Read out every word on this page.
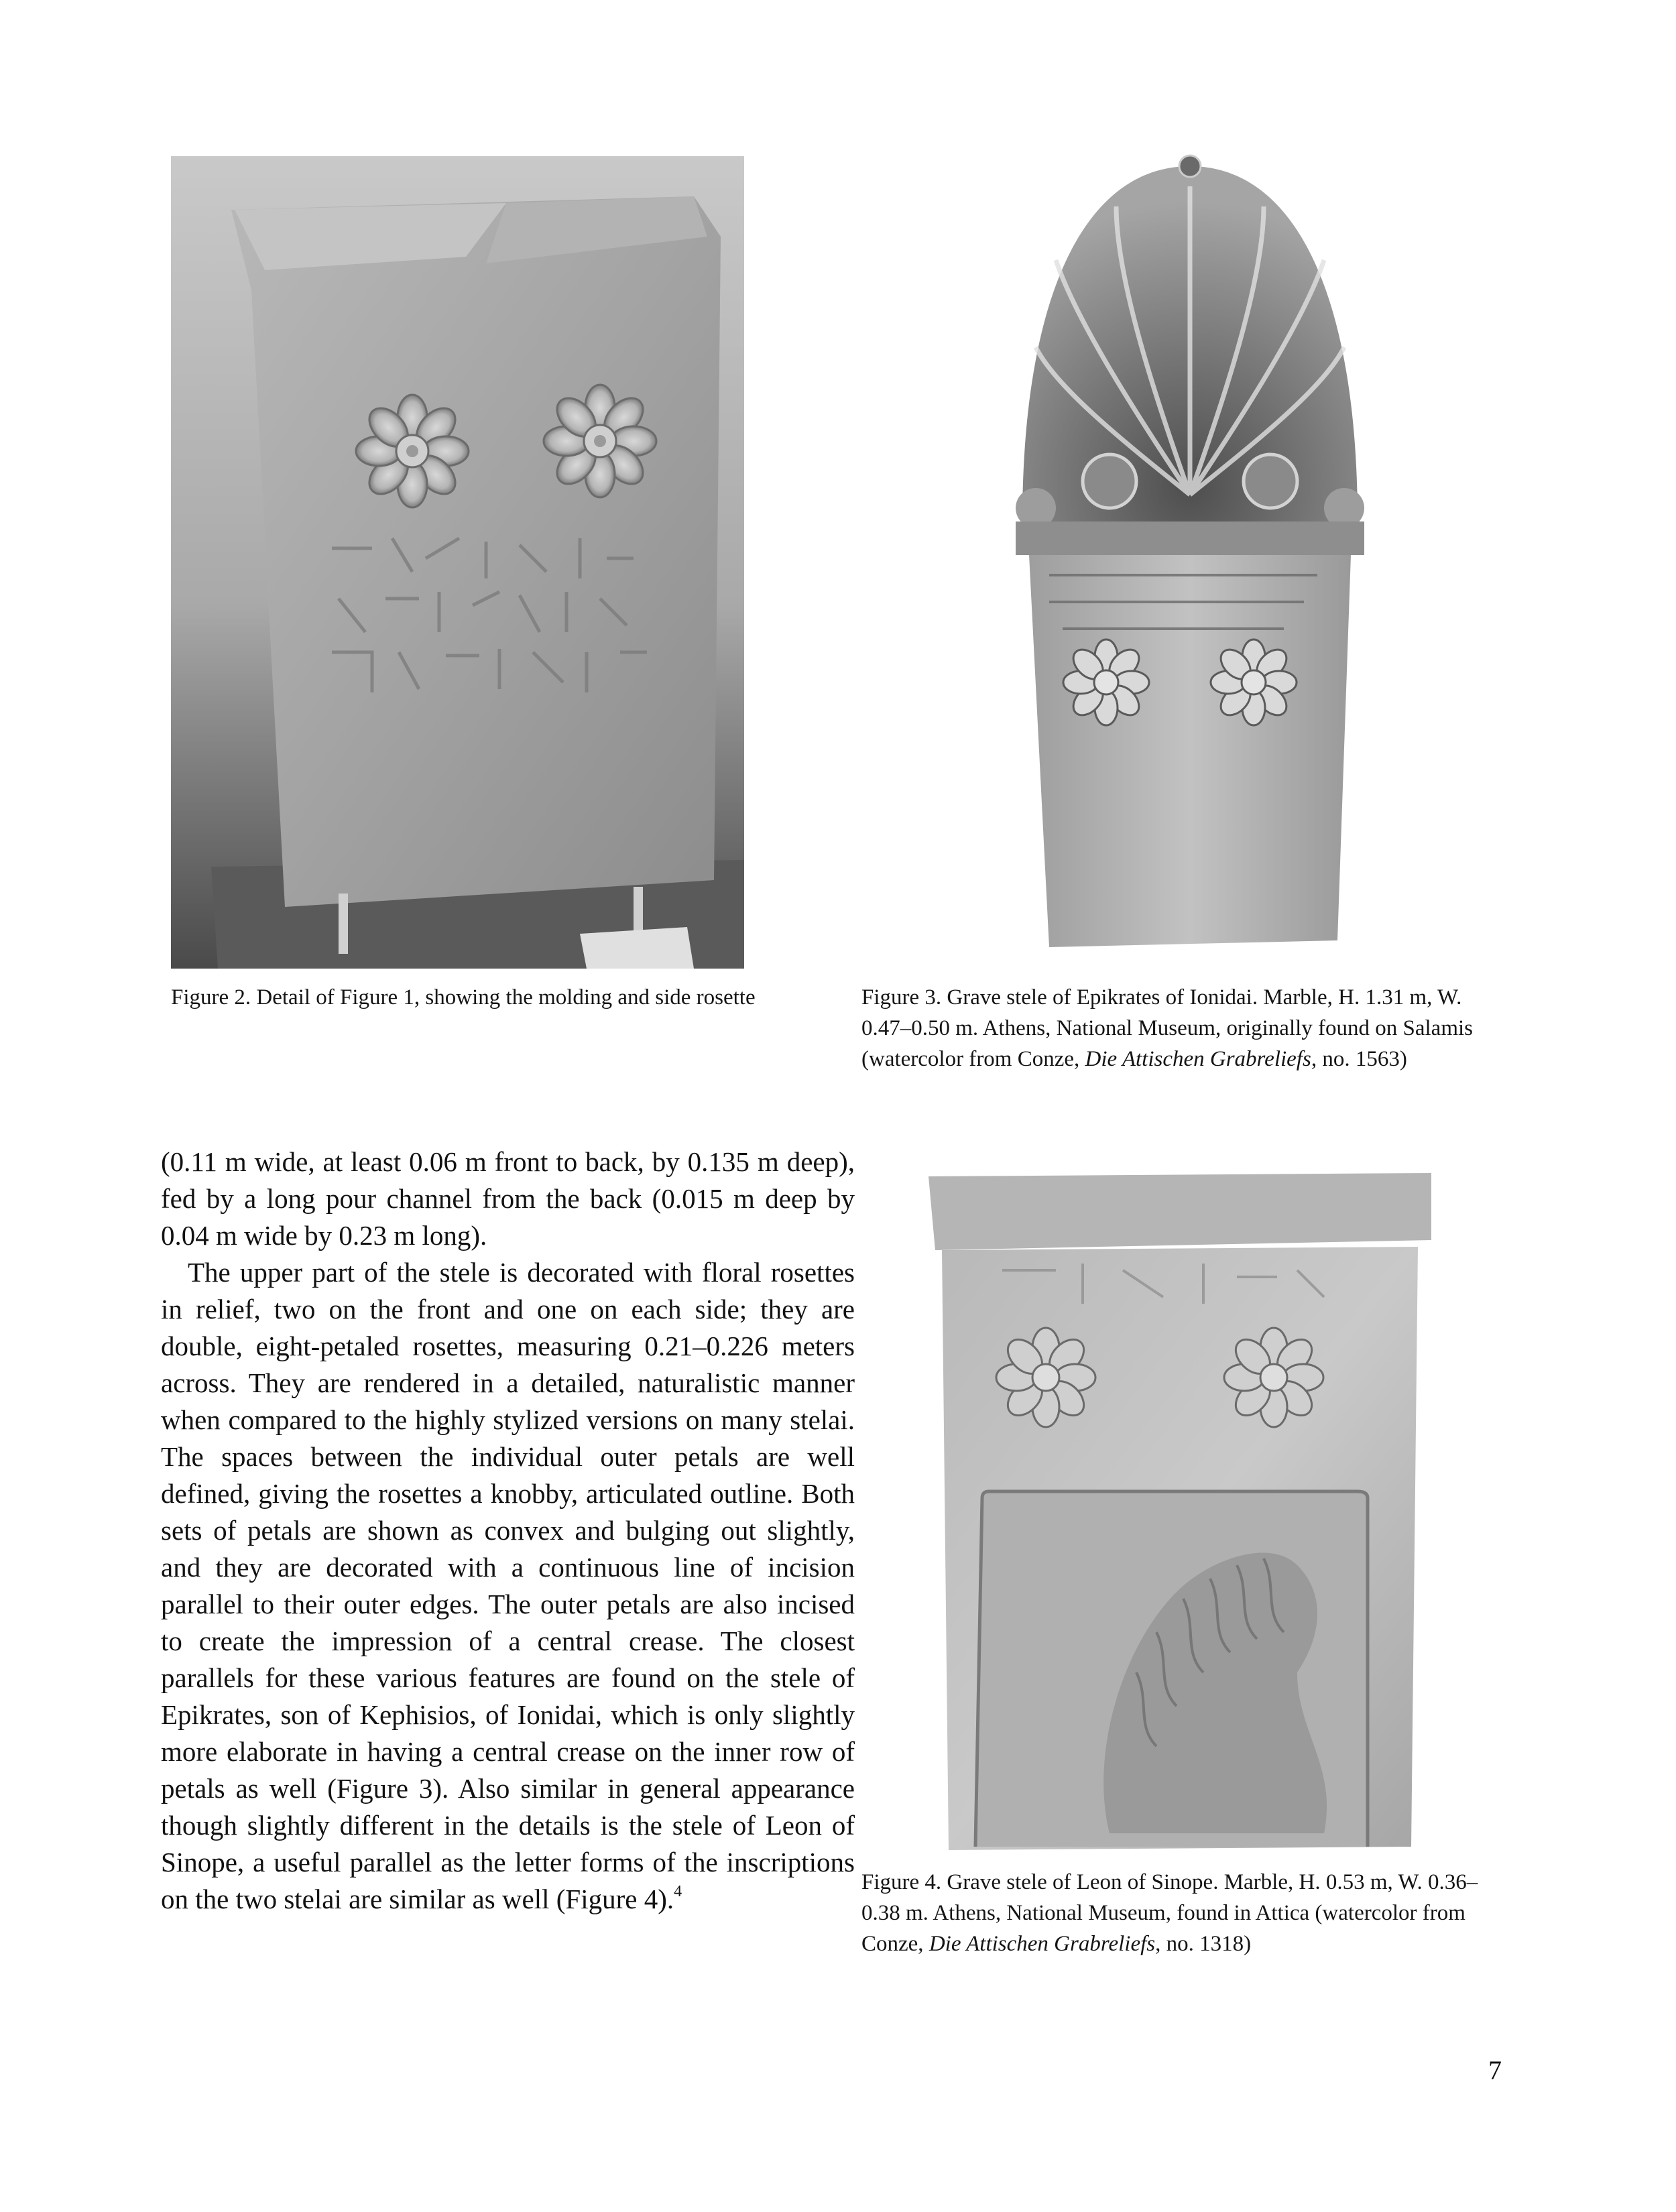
Figure 2. Detail of Figure 1, showing the molding and side rosette	Figure 3. Grave stele of Epikrates of Ionidai. Marble, H. 1.31 m, W. 0.47–0.50 m. Athens, National Museum, originally found on Salamis (watercolor from Conze, Die Attischen Grabreliefs, no. 1563)

Figure 4. Grave stele of Leon of Sinope. Marble, H. 0.53 m, W. 0.36–0.38 m. Athens, National Museum, found in Attica (watercolor from Conze, Die Attischen Grabreliefs, no. 1318)

(0.11 m wide, at least 0.06 m front to back, by 0.135 m deep), fed by a long pour channel from the back (0.015 m deep by 0.04 m wide by 0.23 m long).

The upper part of the stele is decorated with floral rosettes in relief, two on the front and one on each side; they are double, eight-petaled rosettes, measuring 0.21–0.226 meters across. They are rendered in a detailed, naturalistic manner when compared to the highly stylized versions on many stelai. The spaces between the individual outer petals are well defined, giving the rosettes a knobby, articulated outline. Both sets of petals are shown as convex and bulging out slightly, and they are decorated with a continuous line of incision parallel to their outer edges. The outer petals are also incised to create the impression of a central crease. The closest parallels for these various features are found on the stele of Epikrates, son of Kephisios, of Ionidai, which is only slightly more elaborate in having a central crease on the inner row of petals as well (Figure 3). Also similar in general appearance though slightly different in the details is the stele of Leon of Sinope, a useful parallel as the letter forms of the inscriptions on the two stelai are similar as well (Figure 4).$^4$

7
